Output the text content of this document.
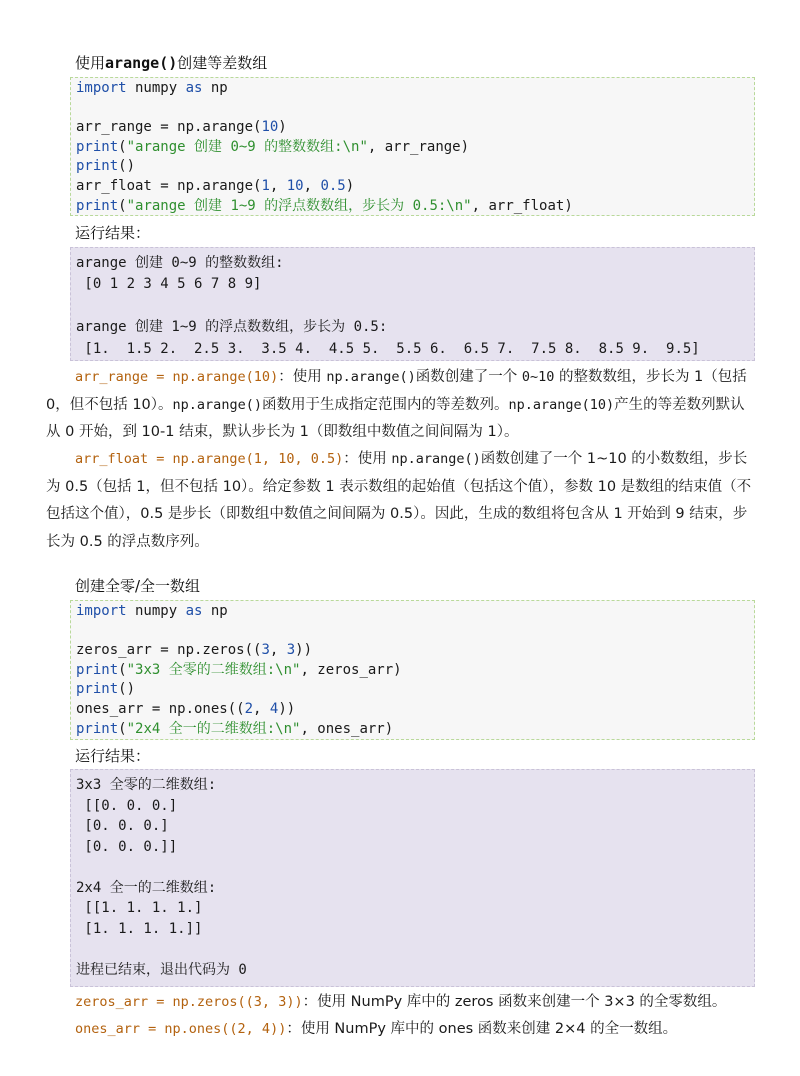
使用arange()创建等差数组
import numpy as np

arr_range = np.arange(10)
print("arange 创建 0~9 的整数数组:\n", arr_range)
print()
arr_float = np.arange(1, 10, 0.5)
print("arange 创建 1~9 的浮点数数组，步长为 0.5:\n", arr_float)
运行结果：
arange 创建 0~9 的整数数组:
[0 1 2 3 4 5 6 7 8 9]

arange 创建 1~9 的浮点数数组，步长为 0.5:
[1.  1.5 2.  2.5 3.  3.5 4.  4.5 5.  5.5 6.  6.5 7.  7.5 8.  8.5 9.  9.5]

arr_range = np.arange(10)：使用 np.arange()函数创建了一个 0~10 的整数数组，步长为 1（包括 0，但不包括 10）。np.arange()函数用于生成指定范围内的等差数列。np.arange(10)产生的等差数列默认从 0 开始，到 10-1 结束，默认步长为 1（即数组中数值之间间隔为 1）。

arr_float = np.arange(1, 10, 0.5)：使用 np.arange()函数创建了一个 1~10 的小数数组，步长为 0.5（包括 1，但不包括 10）。给定参数 1 表示数组的起始值（包括这个值），参数 10 是数组的结束值（不包括这个值），0.5 是步长（即数组中数值之间间隔为 0.5）。因此，生成的数组将包含从 1 开始到 9 结束，步长为 0.5 的浮点数序列。

创建全零/全一数组
import numpy as np

zeros_arr = np.zeros((3, 3))
print("3x3 全零的二维数组:\n", zeros_arr)
print()
ones_arr = np.ones((2, 4))
print("2x4 全一的二维数组:\n", ones_arr)
运行结果：
3x3 全零的二维数组:
[[0. 0. 0.]
[0. 0. 0.]
[0. 0. 0.]]

2x4 全一的二维数组:
[[1. 1. 1. 1.]
[1. 1. 1. 1.]]

进程已结束，退出代码为 0

zeros_arr = np.zeros((3, 3))：使用 NumPy 库中的 zeros 函数来创建一个 3×3 的全零数组。

ones_arr = np.ones((2, 4))：使用 NumPy 库中的 ones 函数来创建 2×4 的全一数组。
